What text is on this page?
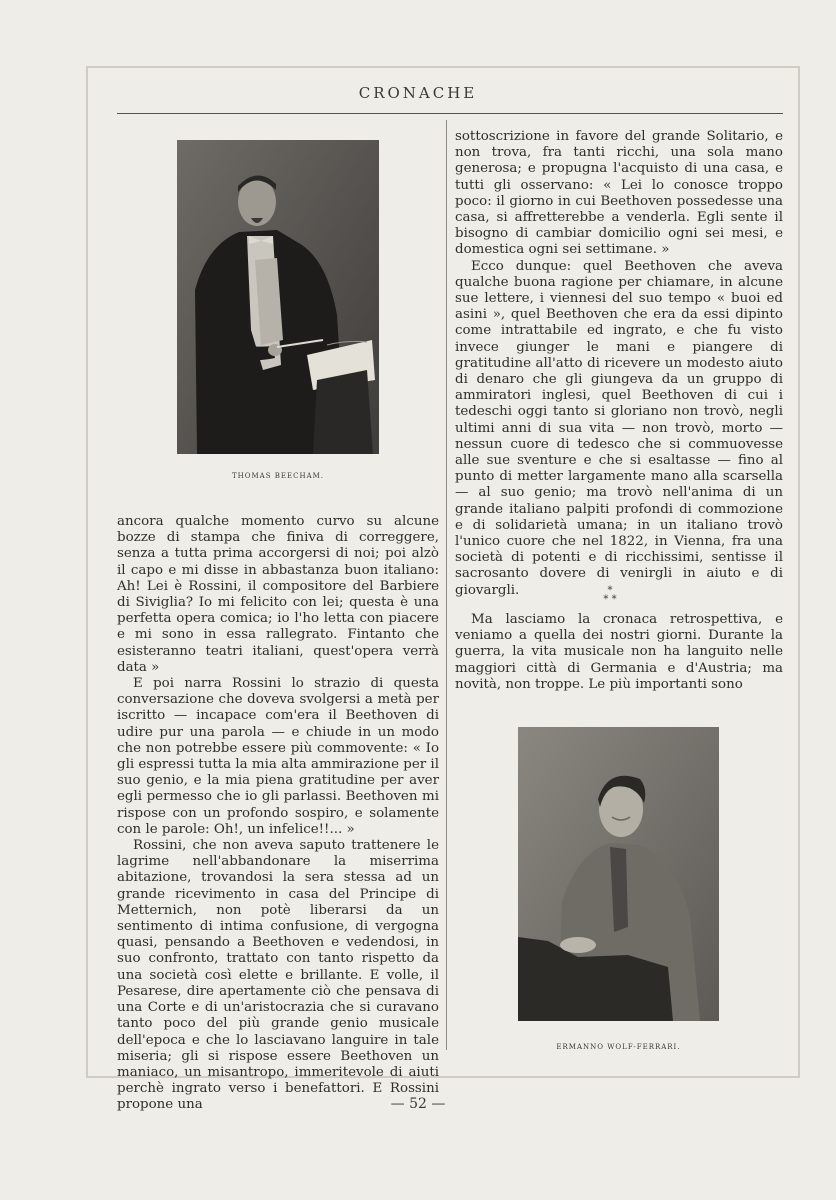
CRONACHE
THOMAS BEECHAM.
ERMANNO WOLF-FERRARI.

ancora qualche momento curvo su alcune bozze di stampa che finiva di correggere, senza a tutta prima accorgersi di noi; poi alzò il capo e mi disse in abbastanza buon italiano: Ah! Lei è Rossini, il compositore del Barbiere di Siviglia? Io mi felicito con lei; questa è una perfetta opera comica; io l'ho letta con piacere e mi sono in essa rallegrato. Fintanto che esisteranno teatri italiani, quest'opera verrà data »

E poi narra Rossini lo strazio di questa conversazione che doveva svolgersi a metà per iscritto — incapace com'era il Beethoven di udire pur una parola — e chiude in un modo che non potrebbe essere più commovente: « Io gli espressi tutta la mia alta ammirazione per il suo genio, e la mia piena gratitudine per aver egli permesso che io gli parlassi. Beethoven mi rispose con un profondo sospiro, e solamente con le parole: Oh!, un infelice!!... »

Rossini, che non aveva saputo trattenere le lagrime nell'abbandonare la miserrima abitazione, trovandosi la sera stessa ad un grande ricevimento in casa del Principe di Metternich, non potè liberarsi da un sentimento di intima confusione, di vergogna quasi, pensando a Beethoven e vedendosi, in suo confronto, trattato con tanto rispetto da una società così elette e brillante. E volle, il Pesarese, dire apertamente ciò che pensava di una Corte e di un'aristocrazia che si curavano tanto poco del più grande genio musicale dell'epoca e che lo lasciavano languire in tale miseria; gli si rispose essere Beethoven un maniaco, un misantropo, immeritevole di aiuti perchè ingrato verso i benefattori. E Rossini propone una

sottoscrizione in favore del grande Solitario, e non trova, fra tanti ricchi, una sola mano generosa; e propugna l'acquisto di una casa, e tutti gli osservano: « Lei lo conosce troppo poco: il giorno in cui Beethoven possedesse una casa, si affretterebbe a venderla. Egli sente il bisogno di cambiar domicilio ogni sei mesi, e domestica ogni sei settimane. »

Ecco dunque: quel Beethoven che aveva qualche buona ragione per chiamare, in alcune sue lettere, i viennesi del suo tempo « buoi ed asini », quel Beethoven che era da essi dipinto come intrattabile ed ingrato, e che fu visto invece giunger le mani e piangere di gratitudine all'atto di ricevere un modesto aiuto di denaro che gli giungeva da un gruppo di ammiratori inglesi, quel Beethoven di cui i tedeschi oggi tanto si gloriano non trovò, negli ultimi anni di sua vita — non trovò, morto — nessun cuore di tedesco che si commuovesse alle sue sventure e che si esaltasse — fino al punto di metter largamente mano alla scarsella — al suo genio; ma trovò nell'anima di un grande italiano palpiti profondi di commozione e di solidarietà umana; in un italiano trovò l'unico cuore che nel 1822, in Vienna, fra una società di potenti e di ricchissimi, sentisse il sacrosanto dovere di venirgli in aiuto e di giovargli.	*
* *

Ma lasciamo la cronaca retrospettiva, e veniamo a quella dei nostri giorni. Durante la guerra, la vita musicale non ha languito nelle maggiori città di Germania e d'Austria; ma novità, non troppe. Le più importanti sono

— 52 —
